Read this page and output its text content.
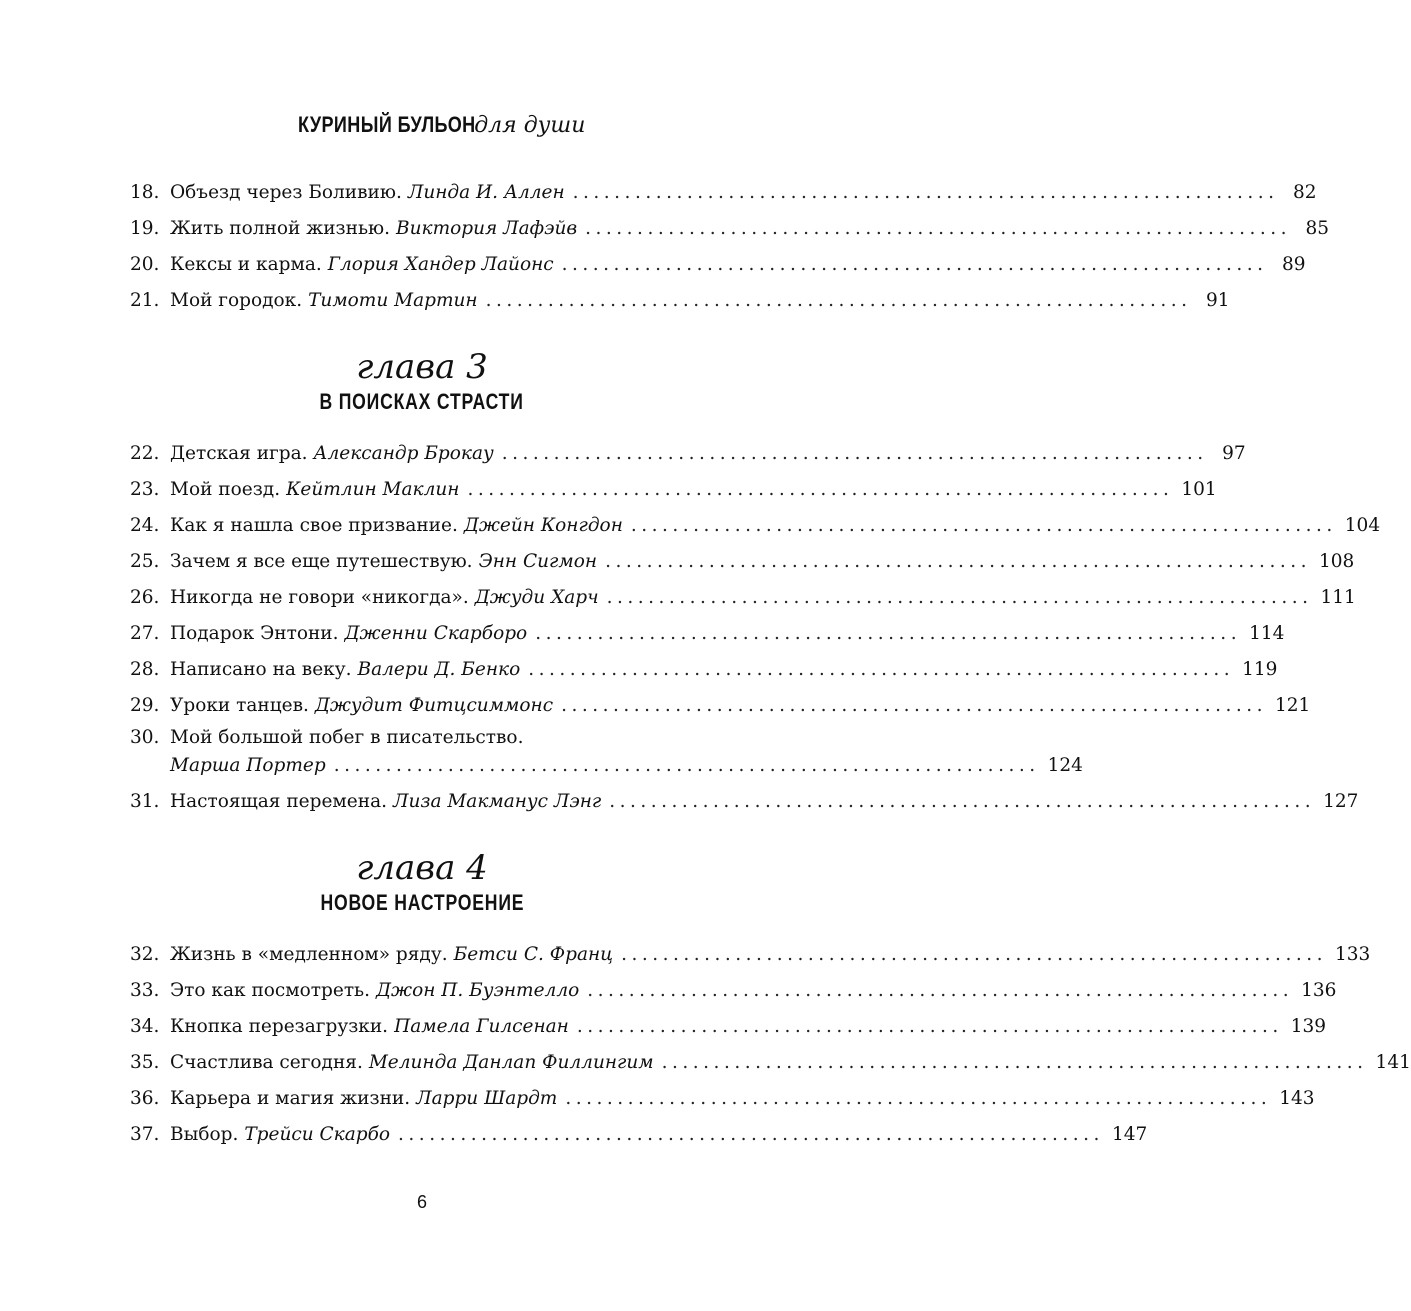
КУРИНЫЙ БУЛЬОН для души
18. Объезд через Боливию. Линда И. Аллен .................................................................... 82
19. Жить полной жизнью. Виктория Лафэйв .................................................................... 85
20. Кексы и карма. Глория Хандер Лайонс .................................................................... 89
21. Мой городок. Тимоти Мартин .................................................................... 91
глава 3
В ПОИСКАХ СТРАСТИ
22. Детская игра. Александр Брокау .................................................................... 97
23. Мой поезд. Кейтлин Маклин .................................................................... 101
24. Как я нашла свое призвание. Джейн Конгдон .................................................................... 104
25. Зачем я все еще путешествую. Энн Сигмон .................................................................... 108
26. Никогда не говори «никогда». Джуди Харч .................................................................... 111
27. Подарок Энтони. Дженни Скарборо .................................................................... 114
28. Написано на веку. Валери Д. Бенко .................................................................... 119
29. Уроки танцев. Джудит Фитцсиммонс .................................................................... 121
30. Мой большой побег в писательство.
Марша Портер .................................................................... 124
31. Настоящая перемена. Лиза Макманус Лэнг .................................................................... 127
глава 4
НОВОЕ НАСТРОЕНИЕ
32. Жизнь в «медленном» ряду. Бетси С. Франц .................................................................... 133
33. Это как посмотреть. Джон П. Буэнтелло .................................................................... 136
34. Кнопка перезагрузки. Памела Гилсенан .................................................................... 139
35. Счастлива сегодня. Мелинда Данлап Филлингим .................................................................... 141
36. Карьера и магия жизни. Ларри Шардт .................................................................... 143
37. Выбор. Трейси Скарбо .................................................................... 147
6
